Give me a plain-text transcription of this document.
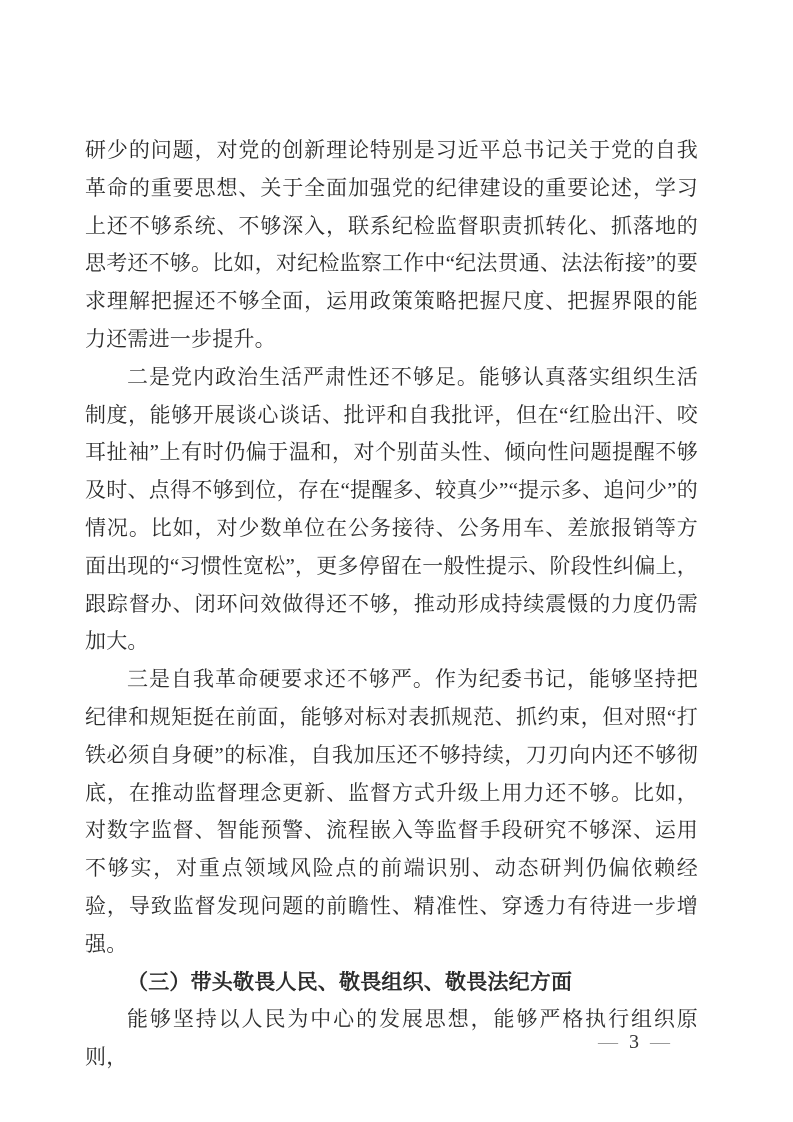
研少的问题，对党的创新理论特别是习近平总书记关于党的自我革命的重要思想、关于全面加强党的纪律建设的重要论述，学习上还不够系统、不够深入，联系纪检监督职责抓转化、抓落地的思考还不够。比如，对纪检监察工作中“纪法贯通、法法衔接”的要求理解把握还不够全面，运用政策策略把握尺度、把握界限的能力还需进一步提升。

二是党内政治生活严肃性还不够足。能够认真落实组织生活制度，能够开展谈心谈话、批评和自我批评，但在“红脸出汗、咬耳扯袖”上有时仍偏于温和，对个别苗头性、倾向性问题提醒不够及时、点得不够到位，存在“提醒多、较真少”“提示多、追问少”的情况。比如，对少数单位在公务接待、公务用车、差旅报销等方面出现的“习惯性宽松”，更多停留在一般性提示、阶段性纠偏上，跟踪督办、闭环问效做得还不够，推动形成持续震慑的力度仍需加大。

三是自我革命硬要求还不够严。作为纪委书记，能够坚持把纪律和规矩挺在前面，能够对标对表抓规范、抓约束，但对照“打铁必须自身硬”的标准，自我加压还不够持续，刀刃向内还不够彻底，在推动监督理念更新、监督方式升级上用力还不够。比如，对数字监督、智能预警、流程嵌入等监督手段研究不够深、运用不够实，对重点领域风险点的前端识别、动态研判仍偏依赖经验，导致监督发现问题的前瞻性、精准性、穿透力有待进一步增强。

（三）带头敬畏人民、敬畏组织、敬畏法纪方面

能够坚持以人民为中心的发展思想，能够严格执行组织原则，

— 3 —
